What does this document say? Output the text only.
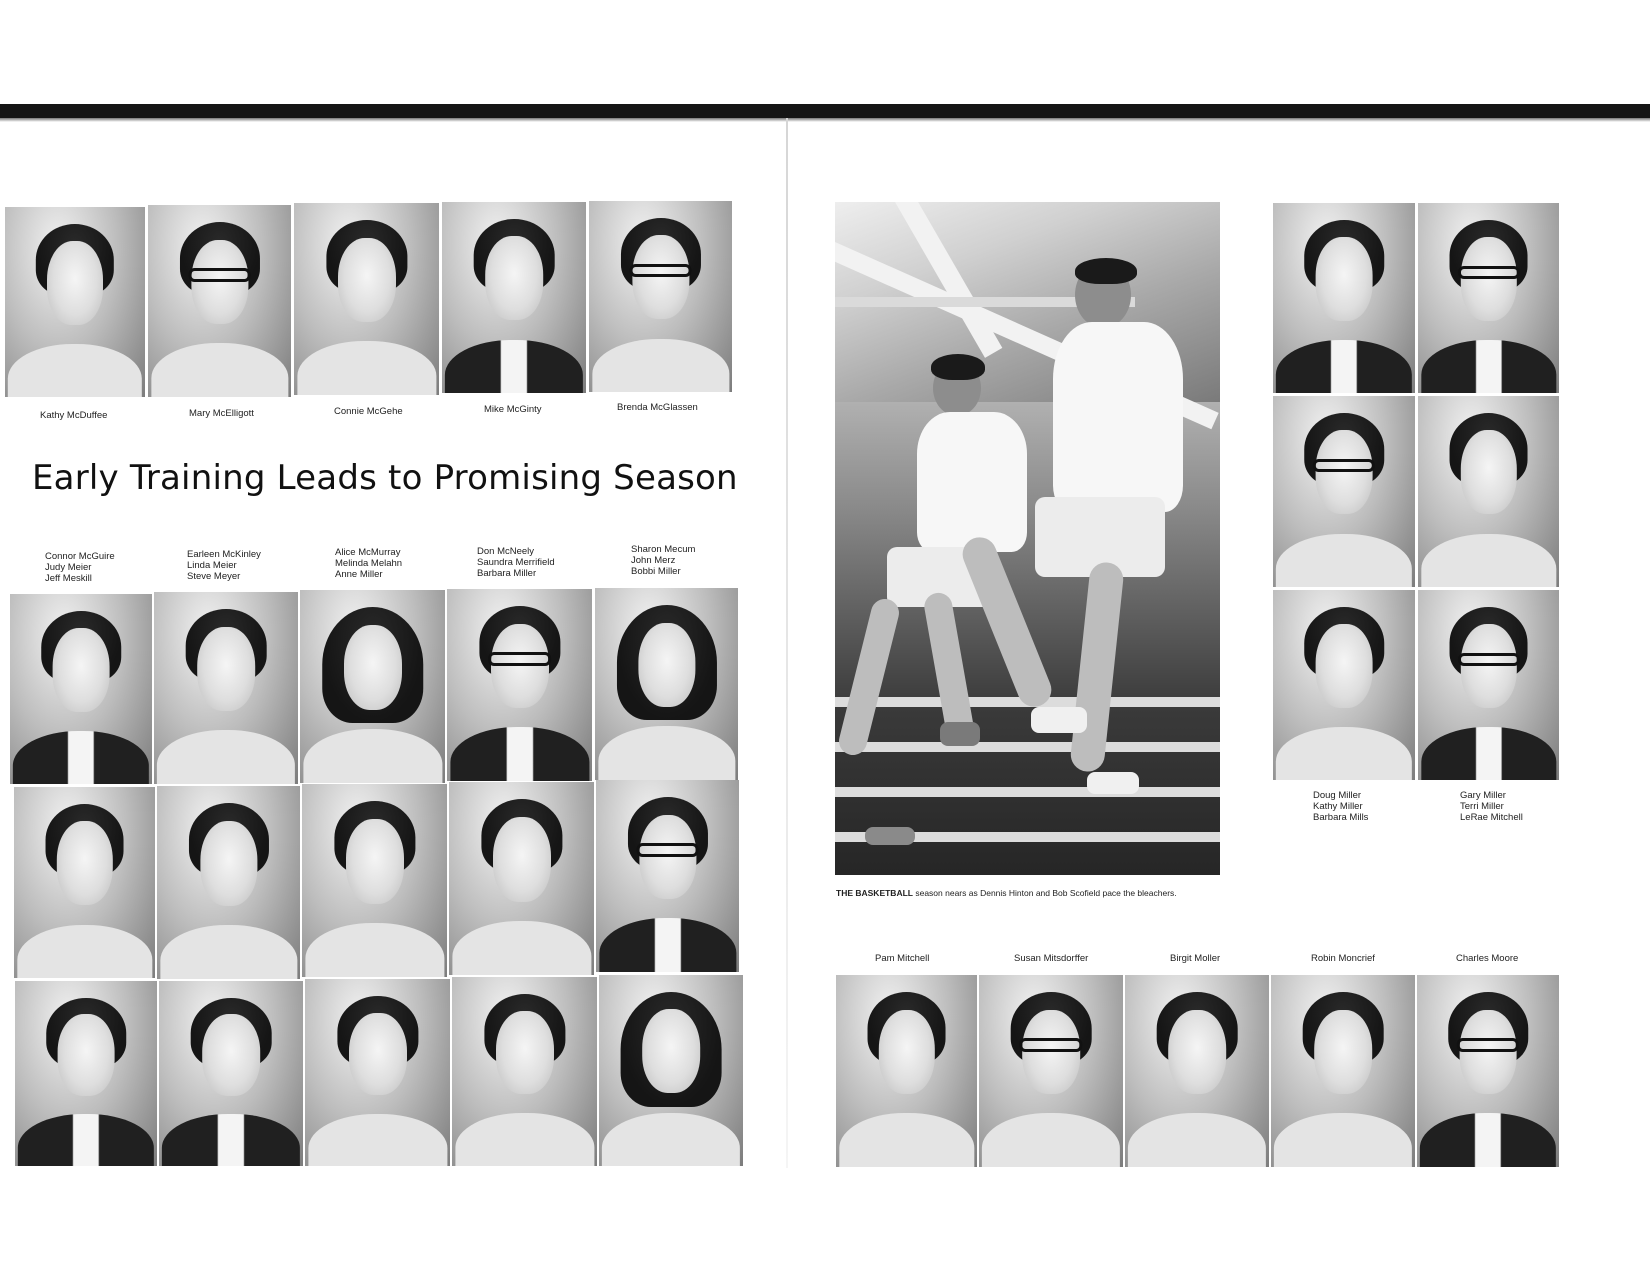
Kathy McDuffee	Mary McElligott	Connie McGehe	Mike McGinty	Brenda McGlassen
Early Training Leads to Promising Season
Connor McGuire
Judy Meier
Jeff Meskill
Earleen McKinley
Linda Meier
Steve Meyer
Alice McMurray
Melinda Melahn
Anne Miller
Don McNeely
Saundra Merrifield
Barbara Miller
Sharon Mecum
John Merz
Bobbi Miller
THE BASKETBALL season nears as Dennis Hinton and Bob Scofield pace the bleachers.
Doug Miller
Kathy Miller
Barbara Mills
Gary Miller
Terri Miller
LeRae Mitchell
Pam Mitchell	Susan Mitsdorffer	Birgit Moller	Robin Moncrief	Charles Moore
